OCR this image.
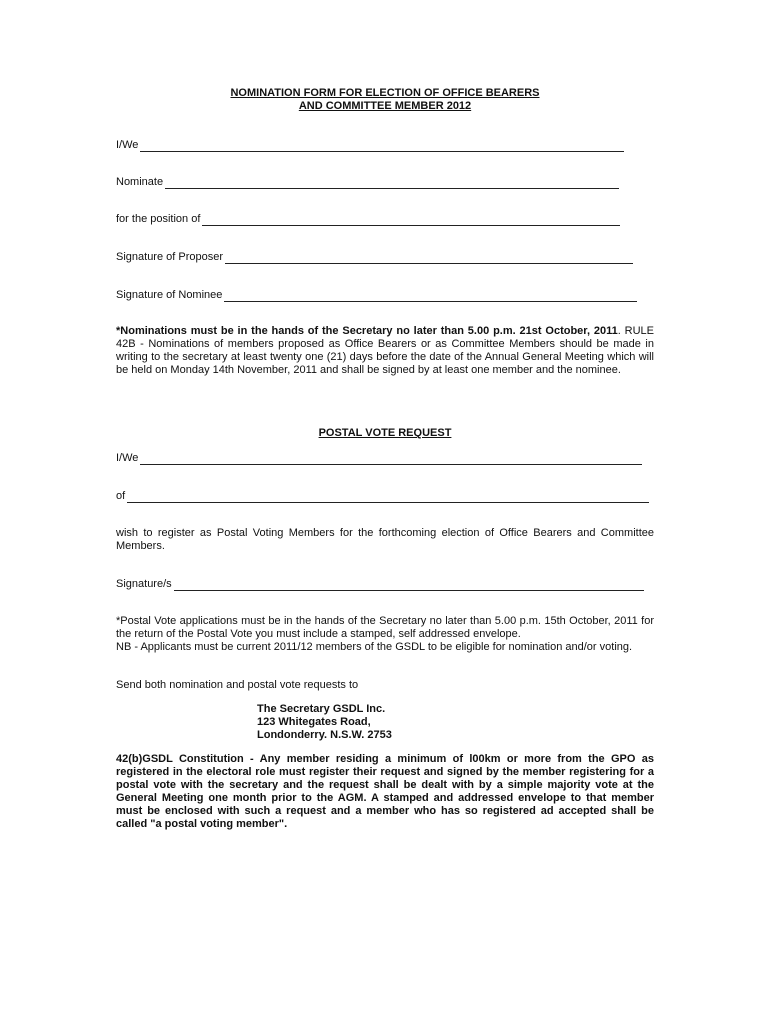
NOMINATION FORM FOR ELECTION OF OFFICE BEARERS
AND COMMITTEE MEMBER 2012
I/We
Nominate
for the position of
Signature of Proposer
Signature of Nominee
*Nominations must be in the hands of the Secretary no later than 5.00 p.m. 21st October, 2011. RULE 42B - Nominations of members proposed as Office Bearers or as Committee Members should be made in writing to the secretary at least twenty one (21) days before the date of the Annual General Meeting which will be held on Monday 14th November, 2011 and shall be signed by at least one member and the nominee.
POSTAL VOTE REQUEST
I/We
of
wish to register as Postal Voting Members for the forthcoming election of Office Bearers and Committee Members.
Signature/s
*Postal Vote applications must be in the hands of the Secretary no later than 5.00 p.m. 15th October, 2011 for the return of the Postal Vote you must include a stamped, self addressed envelope.
NB - Applicants must be current 2011/12 members of the GSDL to be eligible for nomination and/or voting.
Send both nomination and postal vote requests to
The Secretary GSDL Inc.
123 Whitegates Road,
Londonderry. N.S.W. 2753
42(b)GSDL Constitution - Any member residing a minimum of l00km or more from the GPO as registered in the electoral role must register their request and signed by the member registering for a postal vote with the secretary and the request shall be dealt with by a simple majority vote at the General Meeting one month prior to the AGM. A stamped and addressed envelope to that member must be enclosed with such a request and a member who has so registered ad accepted shall be called "a postal voting member".
